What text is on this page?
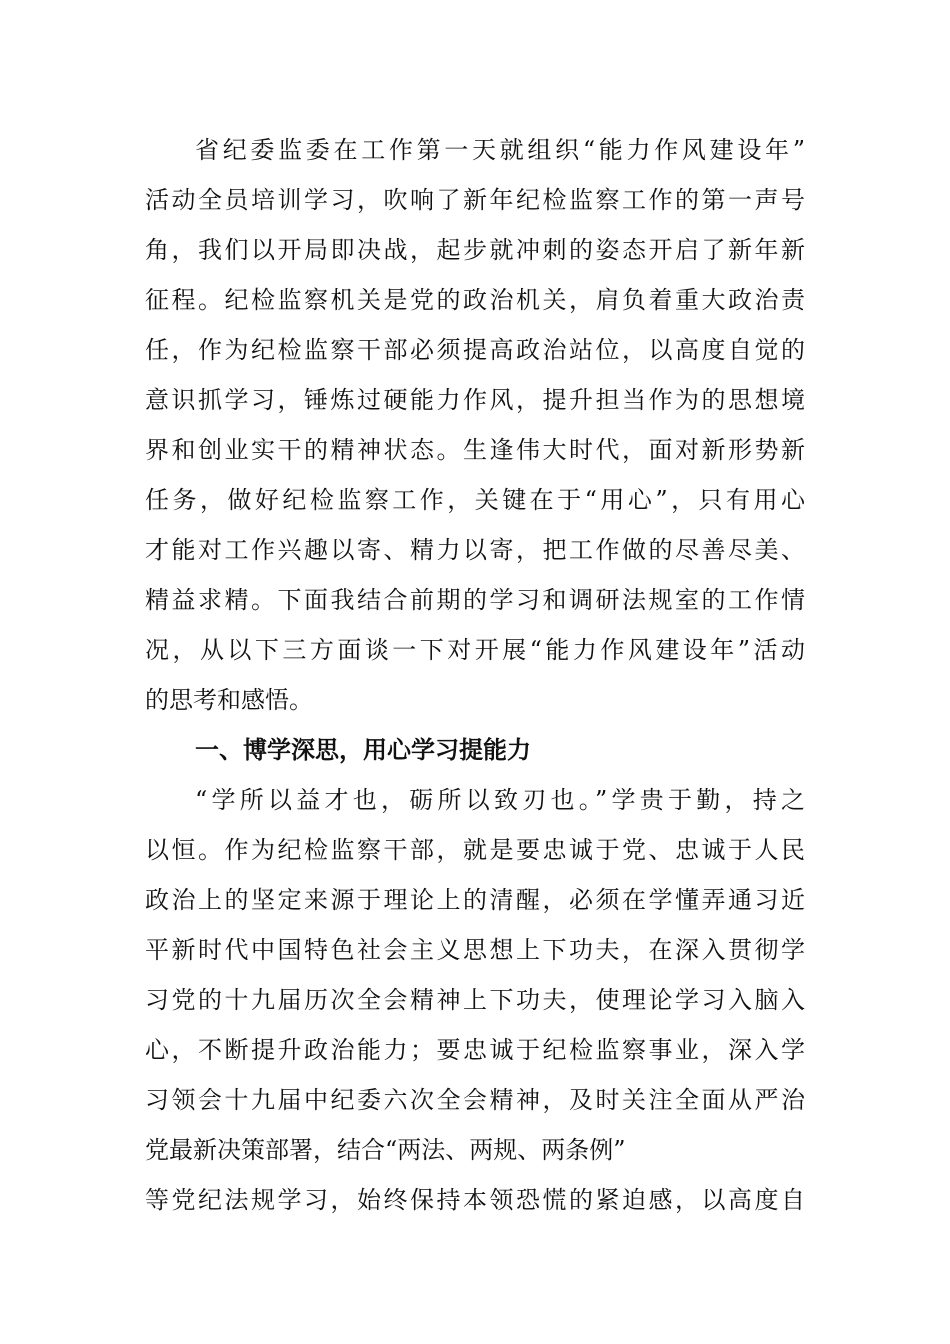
省纪委监委在工作第一天就组织“能力作风建设年”
活动全员培训学习，吹响了新年纪检监察工作的第一声号
角，我们以开局即决战，起步就冲刺的姿态开启了新年新
征程。纪检监察机关是党的政治机关，肩负着重大政治责
任，作为纪检监察干部必须提高政治站位，以高度自觉的
意识抓学习，锤炼过硬能力作风，提升担当作为的思想境
界和创业实干的精神状态。生逢伟大时代，面对新形势新
任务，做好纪检监察工作，关键在于“用心”，只有用心
才能对工作兴趣以寄、精力以寄，把工作做的尽善尽美、
精益求精。下面我结合前期的学习和调研法规室的工作情
况，从以下三方面谈一下对开展“能力作风建设年”活动
的思考和感悟。
一、博学深思，用心学习提能力
“学所以益才也，砺所以致刃也。”学贵于勤，持之
以恒。作为纪检监察干部，就是要忠诚于党、忠诚于人民
政治上的坚定来源于理论上的清醒，必须在学懂弄通习近
平新时代中国特色社会主义思想上下功夫，在深入贯彻学
习党的十九届历次全会精神上下功夫，使理论学习入脑入
心，不断提升政治能力；要忠诚于纪检监察事业，深入学
习领会十九届中纪委六次全会精神，及时关注全面从严治
党最新决策部署，结合“两法、两规、两条例”
等党纪法规学习，始终保持本领恐慌的紧迫感，以高度自
